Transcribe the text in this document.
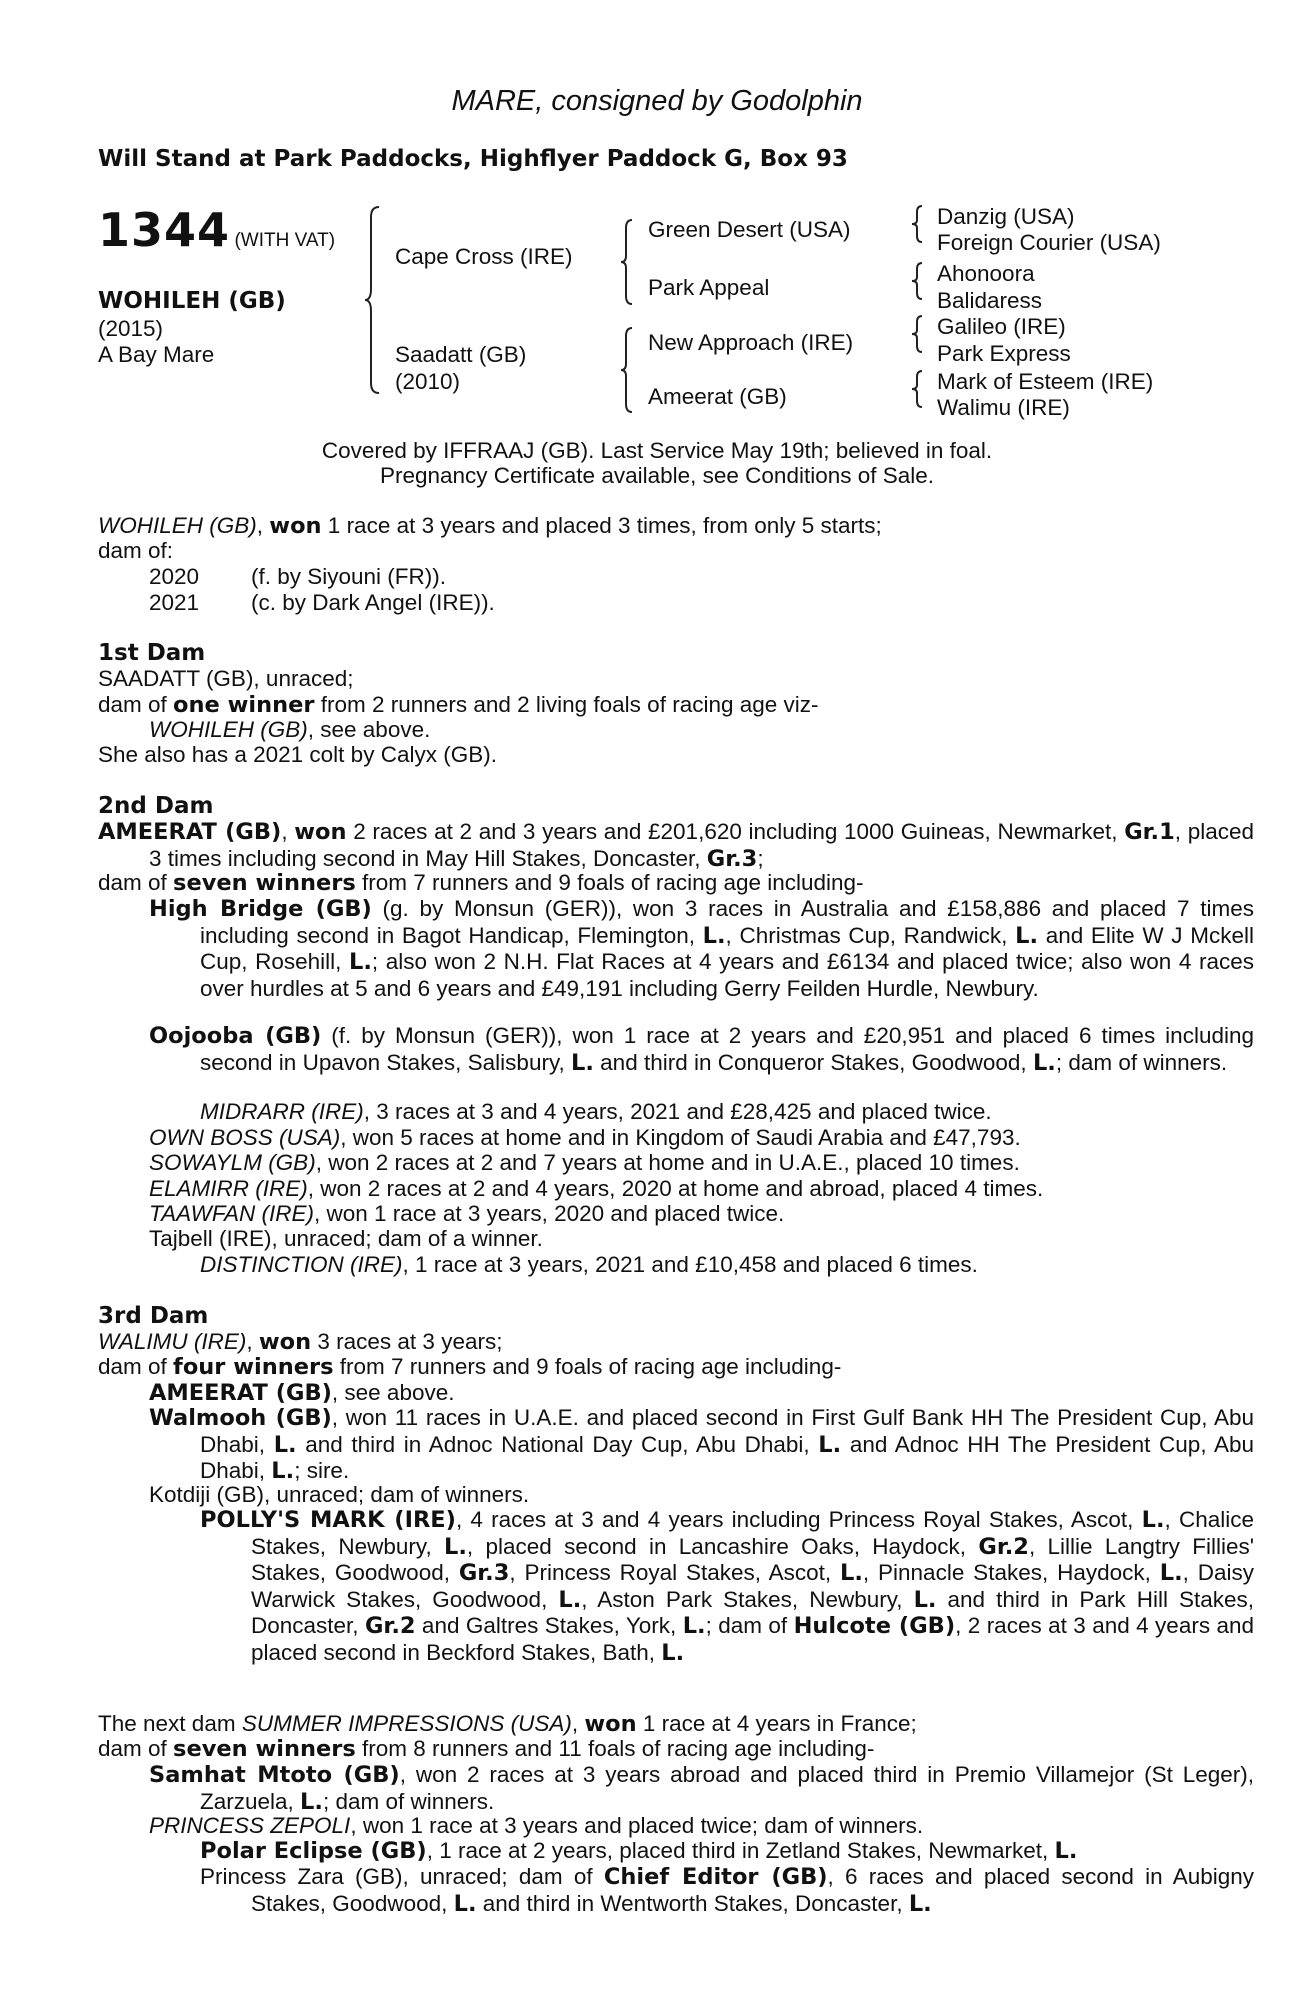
MARE, consigned by Godolphin
Will Stand at Park Paddocks, Highflyer Paddock G, Box 93
1344 (WITH VAT)
WOHILEH (GB)
(2015)
A Bay Mare
Cape Cross (IRE)
Saadatt (GB)
(2010)
Green Desert (USA)
Park Appeal
New Approach (IRE)
Ameerat (GB)
Danzig (USA)
Foreign Courier (USA)
Ahonoora
Balidaress
Galileo (IRE)
Park Express
Mark of Esteem (IRE)
Walimu (IRE)
Covered by IFFRAAJ (GB). Last Service May 19th; believed in foal.
Pregnancy Certificate available, see Conditions of Sale.
WOHILEH (GB), won 1 race at 3 years and placed 3 times, from only 5 starts;
dam of:
2020 (f. by Siyouni (FR)).
2021 (c. by Dark Angel (IRE)).
1st Dam
SAADATT (GB), unraced;
dam of one winner from 2 runners and 2 living foals of racing age viz-
WOHILEH (GB), see above.
She also has a 2021 colt by Calyx (GB).
2nd Dam
AMEERAT (GB), won 2 races at 2 and 3 years and £201,620 including 1000 Guineas, Newmarket, Gr.1, placed 3 times including second in May Hill Stakes, Doncaster, Gr.3;
dam of seven winners from 7 runners and 9 foals of racing age including-
High Bridge (GB) (g. by Monsun (GER)), won 3 races in Australia and £158,886 and placed 7 times including second in Bagot Handicap, Flemington, L., Christmas Cup, Randwick, L. and Elite W J Mckell Cup, Rosehill, L.; also won 2 N.H. Flat Races at 4 years and £6134 and placed twice; also won 4 races over hurdles at 5 and 6 years and £49,191 including Gerry Feilden Hurdle, Newbury.
Oojooba (GB) (f. by Monsun (GER)), won 1 race at 2 years and £20,951 and placed 6 times including second in Upavon Stakes, Salisbury, L. and third in Conqueror Stakes, Goodwood, L.; dam of winners.
MIDRARR (IRE), 3 races at 3 and 4 years, 2021 and £28,425 and placed twice.
OWN BOSS (USA), won 5 races at home and in Kingdom of Saudi Arabia and £47,793.
SOWAYLM (GB), won 2 races at 2 and 7 years at home and in U.A.E., placed 10 times.
ELAMIRR (IRE), won 2 races at 2 and 4 years, 2020 at home and abroad, placed 4 times.
TAAWFAN (IRE), won 1 race at 3 years, 2020 and placed twice.
Tajbell (IRE), unraced; dam of a winner.
DISTINCTION (IRE), 1 race at 3 years, 2021 and £10,458 and placed 6 times.
3rd Dam
WALIMU (IRE), won 3 races at 3 years;
dam of four winners from 7 runners and 9 foals of racing age including-
AMEERAT (GB), see above.
Walmooh (GB), won 11 races in U.A.E. and placed second in First Gulf Bank HH The President Cup, Abu Dhabi, L. and third in Adnoc National Day Cup, Abu Dhabi, L. and Adnoc HH The President Cup, Abu Dhabi, L.; sire.
Kotdiji (GB), unraced; dam of winners.
POLLY'S MARK (IRE), 4 races at 3 and 4 years including Princess Royal Stakes, Ascot, L., Chalice Stakes, Newbury, L., placed second in Lancashire Oaks, Haydock, Gr.2, Lillie Langtry Fillies' Stakes, Goodwood, Gr.3, Princess Royal Stakes, Ascot, L., Pinnacle Stakes, Haydock, L., Daisy Warwick Stakes, Goodwood, L., Aston Park Stakes, Newbury, L. and third in Park Hill Stakes, Doncaster, Gr.2 and Galtres Stakes, York, L.; dam of Hulcote (GB), 2 races at 3 and 4 years and placed second in Beckford Stakes, Bath, L.
The next dam SUMMER IMPRESSIONS (USA), won 1 race at 4 years in France;
dam of seven winners from 8 runners and 11 foals of racing age including-
Samhat Mtoto (GB), won 2 races at 3 years abroad and placed third in Premio Villamejor (St Leger), Zarzuela, L.; dam of winners.
PRINCESS ZEPOLI, won 1 race at 3 years and placed twice; dam of winners.
Polar Eclipse (GB), 1 race at 2 years, placed third in Zetland Stakes, Newmarket, L.
Princess Zara (GB), unraced; dam of Chief Editor (GB), 6 races and placed second in Aubigny Stakes, Goodwood, L. and third in Wentworth Stakes, Doncaster, L.
